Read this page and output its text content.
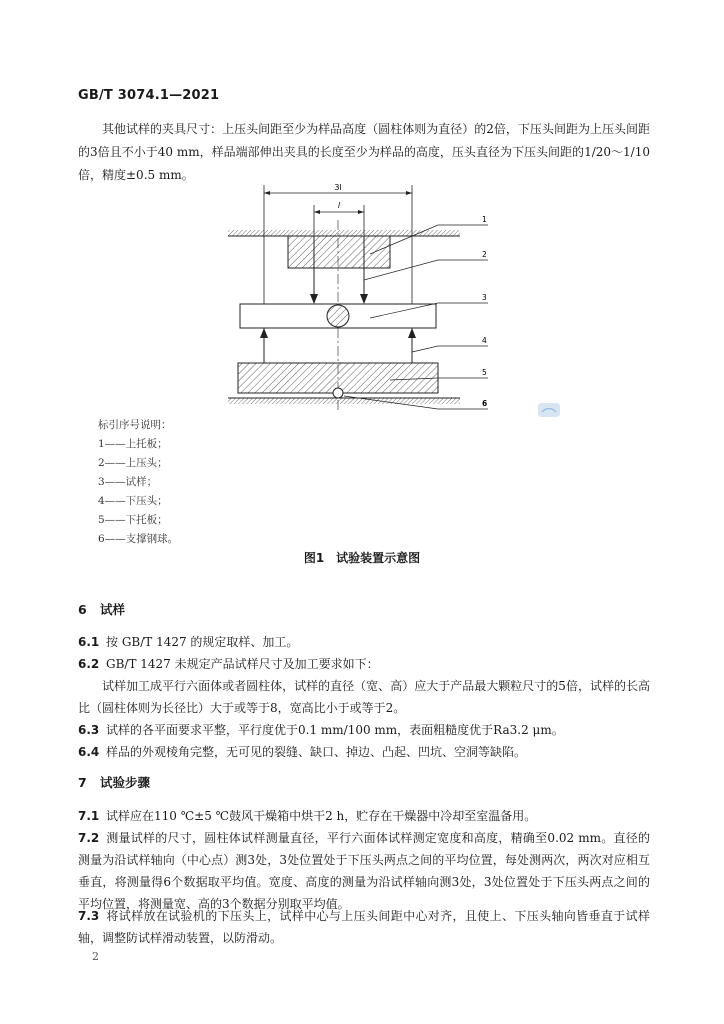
GB/T 3074.1—2021
其他试样的夹具尺寸：上压头间距至少为样品高度（圆柱体则为直径）的2倍，下压头间距为上压头间距的3倍且不小于40 mm，样品端部伸出夹具的长度至少为样品的高度，压头直径为下压头间距的1/20～1/10倍，精度±0.5 mm。
3l
l
1
2
3
4
5
6
标引序号说明：
1——上托板；
2——上压头；
3——试样；
4——下压头；
5——下托板；
6——支撑钢球。
图1　试验装置示意图
6 试样
6.1 按 GB/T 1427 的规定取样、加工。
6.2 GB/T 1427 未规定产品试样尺寸及加工要求如下：
试样加工成平行六面体或者圆柱体，试样的直径（宽、高）应大于产品最大颗粒尺寸的5倍，试样的长高比（圆柱体则为长径比）大于或等于8，宽高比小于或等于2。
6.3 试样的各平面要求平整，平行度优于0.1 mm/100 mm，表面粗糙度优于Ra3.2 μm。
6.4 样品的外观棱角完整，无可见的裂缝、缺口、掉边、凸起、凹坑、空洞等缺陷。
7 试验步骤
7.1 试样应在110 ℃±5 ℃鼓风干燥箱中烘干2 h，贮存在干燥器中冷却至室温备用。
7.2 测量试样的尺寸，圆柱体试样测量直径，平行六面体试样测定宽度和高度，精确至0.02 mm。直径的测量为沿试样轴向（中心点）测3处，3处位置处于下压头两点之间的平均位置，每处测两次，两次对应相互垂直，将测量得6个数据取平均值。宽度、高度的测量为沿试样轴向测3处，3处位置处于下压头两点之间的平均位置，将测量宽、高的3个数据分别取平均值。
7.3 将试样放在试验机的下压头上，试样中心与上压头间距中心对齐，且使上、下压头轴向皆垂直于试样轴，调整防试样滑动装置，以防滑动。
2
